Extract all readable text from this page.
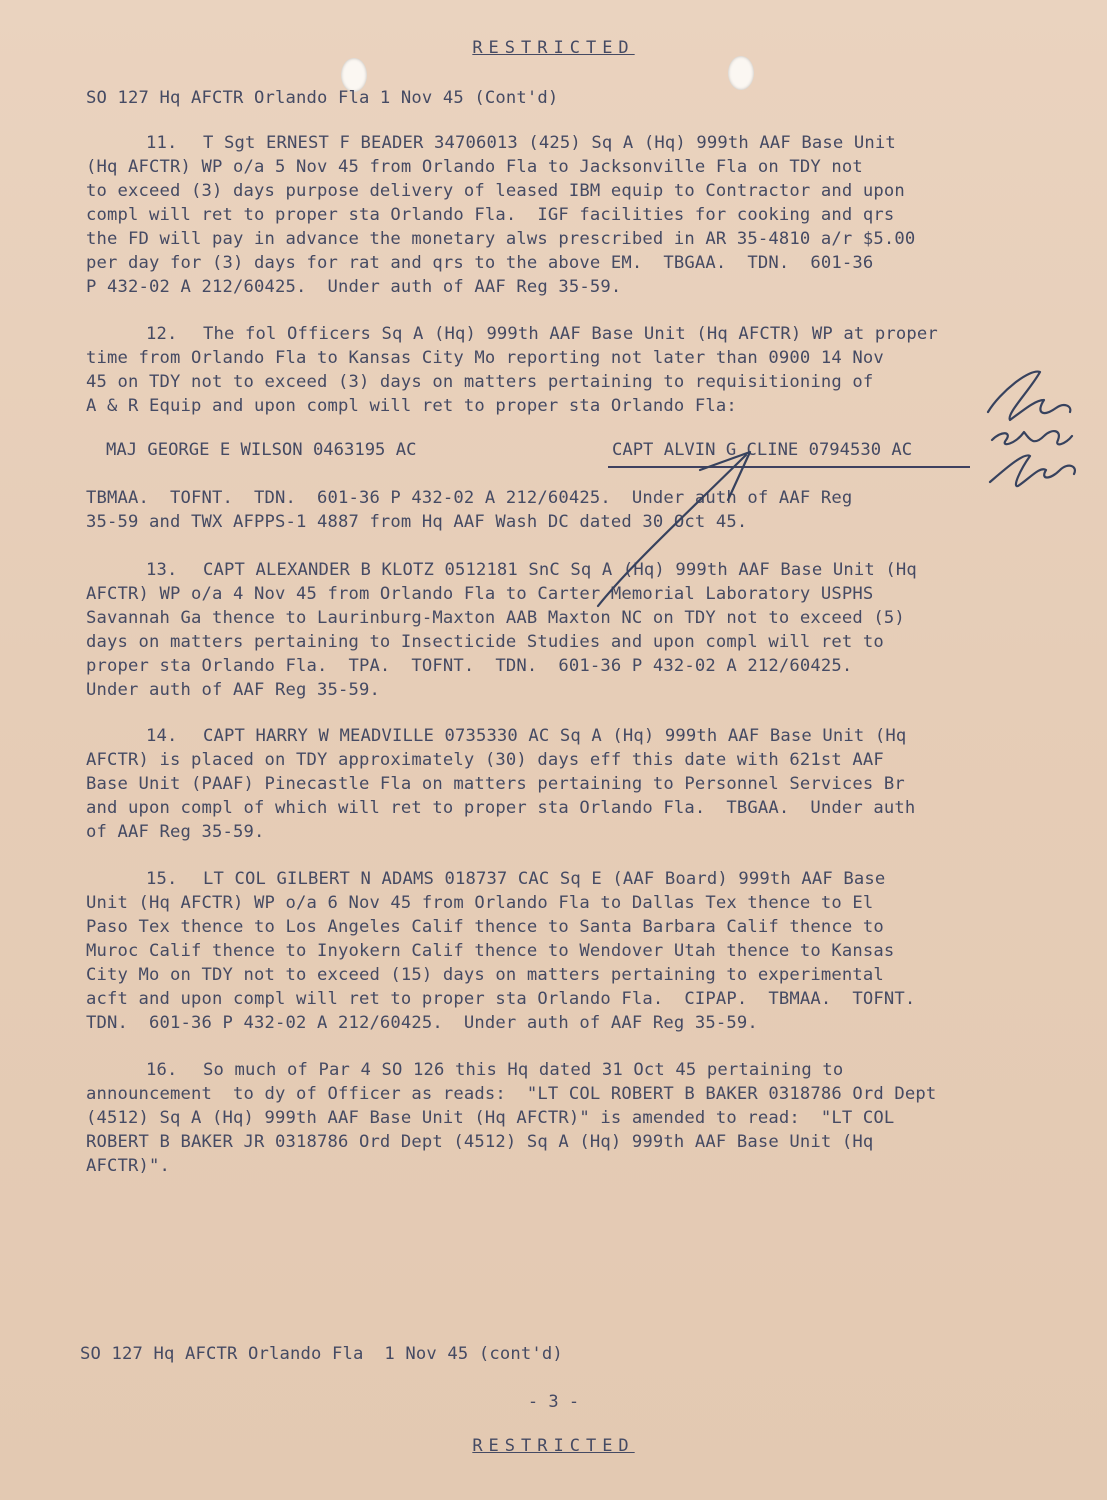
RESTRICTED
SO 127 Hq AFCTR Orlando Fla 1 Nov 45 (Cont'd)
11. T Sgt ERNEST F BEADER 34706013 (425) Sq A (Hq) 999th AAF Base Unit
(Hq AFCTR) WP o/a 5 Nov 45 from Orlando Fla to Jacksonville Fla on TDY not
to exceed (3) days purpose delivery of leased IBM equip to Contractor and upon
compl will ret to proper sta Orlando Fla.  IGF facilities for cooking and qrs
the FD will pay in advance the monetary alws prescribed in AR 35-4810 a/r $5.00
per day for (3) days for rat and qrs to the above EM.  TBGAA.  TDN.  601-36
P 432-02 A 212/60425.  Under auth of AAF Reg 35-59.
12. The fol Officers Sq A (Hq) 999th AAF Base Unit (Hq AFCTR) WP at proper
time from Orlando Fla to Kansas City Mo reporting not later than 0900 14 Nov
45 on TDY not to exceed (3) days on matters pertaining to requisitioning of
A & R Equip and upon compl will ret to proper sta Orlando Fla:
MAJ GEORGE E WILSON 0463195 AC	CAPT ALVIN G CLINE 0794530 AC
TBMAA.  TOFNT.  TDN.  601-36 P 432-02 A 212/60425.  Under auth of AAF Reg
35-59 and TWX AFPPS-1 4887 from Hq AAF Wash DC dated 30 Oct 45.
13. CAPT ALEXANDER B KLOTZ 0512181 SnC Sq A (Hq) 999th AAF Base Unit (Hq
AFCTR) WP o/a 4 Nov 45 from Orlando Fla to Carter Memorial Laboratory USPHS
Savannah Ga thence to Laurinburg-Maxton AAB Maxton NC on TDY not to exceed (5)
days on matters pertaining to Insecticide Studies and upon compl will ret to
proper sta Orlando Fla.  TPA.  TOFNT.  TDN.  601-36 P 432-02 A 212/60425.
Under auth of AAF Reg 35-59.
14. CAPT HARRY W MEADVILLE 0735330 AC Sq A (Hq) 999th AAF Base Unit (Hq
AFCTR) is placed on TDY approximately (30) days eff this date with 621st AAF
Base Unit (PAAF) Pinecastle Fla on matters pertaining to Personnel Services Br
and upon compl of which will ret to proper sta Orlando Fla.  TBGAA.  Under auth
of AAF Reg 35-59.
15. LT COL GILBERT N ADAMS 018737 CAC Sq E (AAF Board) 999th AAF Base
Unit (Hq AFCTR) WP o/a 6 Nov 45 from Orlando Fla to Dallas Tex thence to El
Paso Tex thence to Los Angeles Calif thence to Santa Barbara Calif thence to
Muroc Calif thence to Inyokern Calif thence to Wendover Utah thence to Kansas
City Mo on TDY not to exceed (15) days on matters pertaining to experimental
acft and upon compl will ret to proper sta Orlando Fla.  CIPAP.  TBMAA.  TOFNT.
TDN.  601-36 P 432-02 A 212/60425.  Under auth of AAF Reg 35-59.
16. So much of Par 4 SO 126 this Hq dated 31 Oct 45 pertaining to
announcement  to dy of Officer as reads:  "LT COL ROBERT B BAKER 0318786 Ord Dept
(4512) Sq A (Hq) 999th AAF Base Unit (Hq AFCTR)" is amended to read:  "LT COL
ROBERT B BAKER JR 0318786 Ord Dept (4512) Sq A (Hq) 999th AAF Base Unit (Hq
AFCTR)".
SO 127 Hq AFCTR Orlando Fla  1 Nov 45 (cont'd)
- 3 -
RESTRICTED
